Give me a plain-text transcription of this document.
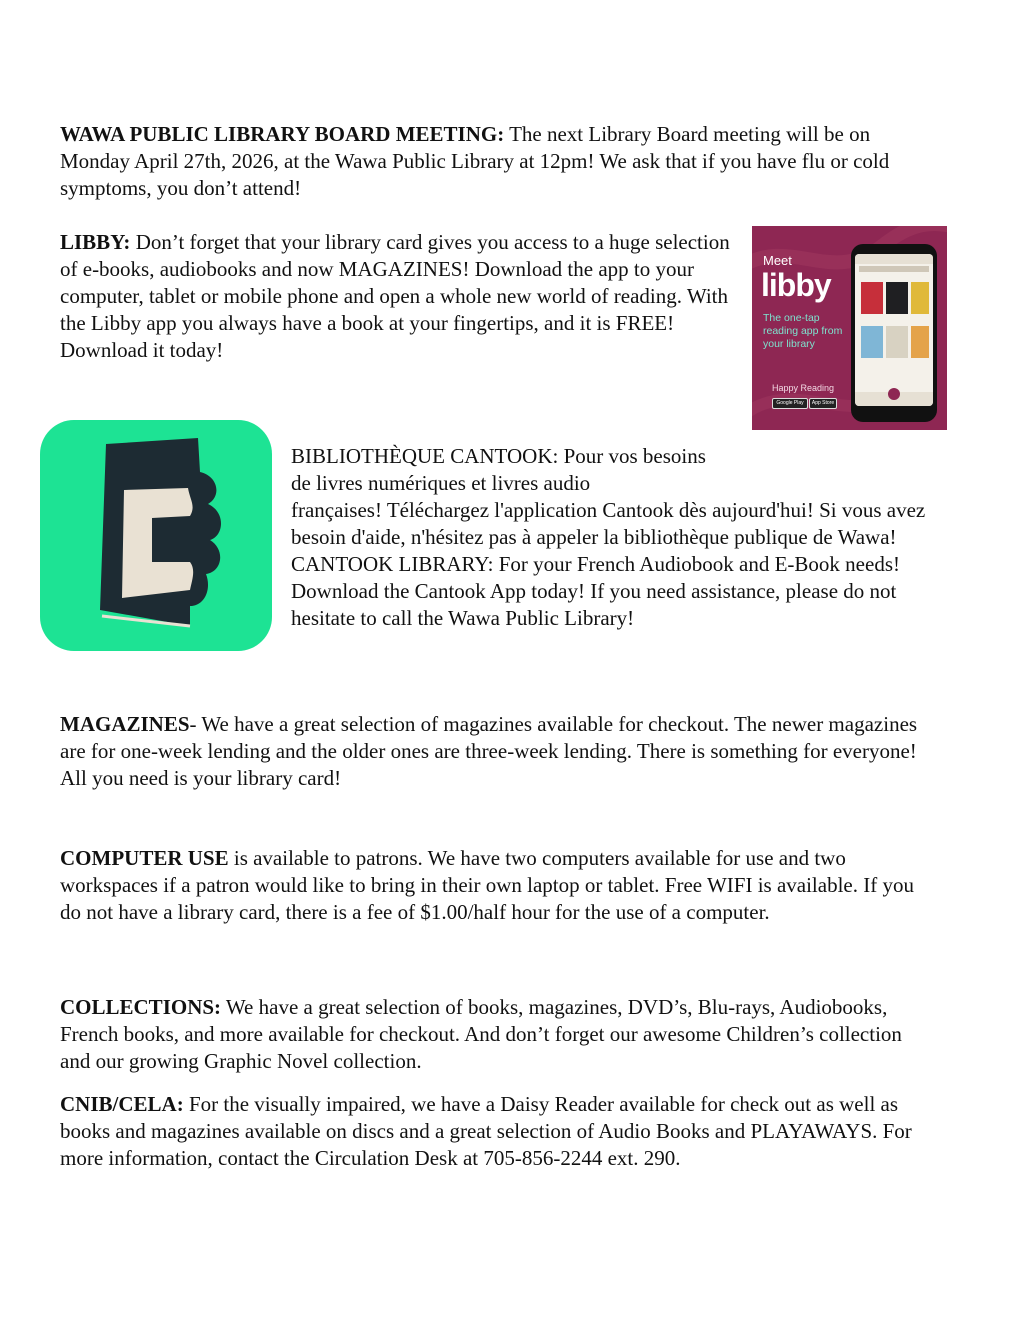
WAWA PUBLIC LIBRARY BOARD MEETING: The next Library Board meeting will be on Monday April 27th, 2026, at the Wawa Public Library at 12pm! We ask that if you have flu or cold symptoms, you don’t attend!

LIBBY: Don’t forget that your library card gives you access to a huge selection of e-books, audiobooks and now MAGAZINES! Download the app to your computer, tablet or mobile phone and open a whole new world of reading. With the Libby app you always have a book at your fingertips, and it is FREE! Download it today!

Meet
libby
The one-tap reading app from your library
Happy Reading
Google Play	App Store

BIBLIOTHÈQUE CANTOOK: Pour vos besoins de livres numériques et livres audio

françaises! Téléchargez l'application Cantook dès aujourd'hui! Si vous avez besoin d'aide, n'hésitez pas à appeler la bibliothèque publique de Wawa!

CANTOOK LIBRARY: For your French Audiobook and E-Book needs! Download the Cantook App today! If you need assistance, please do not hesitate to call the Wawa Public Library!

MAGAZINES- We have a great selection of magazines available for checkout. The newer magazines are for one-week lending and the older ones are three-week lending. There is something for everyone!

All you need is your library card!

COMPUTER USE is available to patrons. We have two computers available for use and two workspaces if a patron would like to bring in their own laptop or tablet. Free WIFI is available. If you do not have a library card, there is a fee of $1.00/half hour for the use of a computer.

COLLECTIONS: We have a great selection of books, magazines, DVD’s, Blu-rays, Audiobooks, French books, and more available for checkout. And don’t forget our awesome Children’s collection and our growing Graphic Novel collection.

CNIB/CELA: For the visually impaired, we have a Daisy Reader available for check out as well as books and magazines available on discs and a great selection of Audio Books and PLAYAWAYS. For more information, contact the Circulation Desk at 705-856-2244 ext. 290.
